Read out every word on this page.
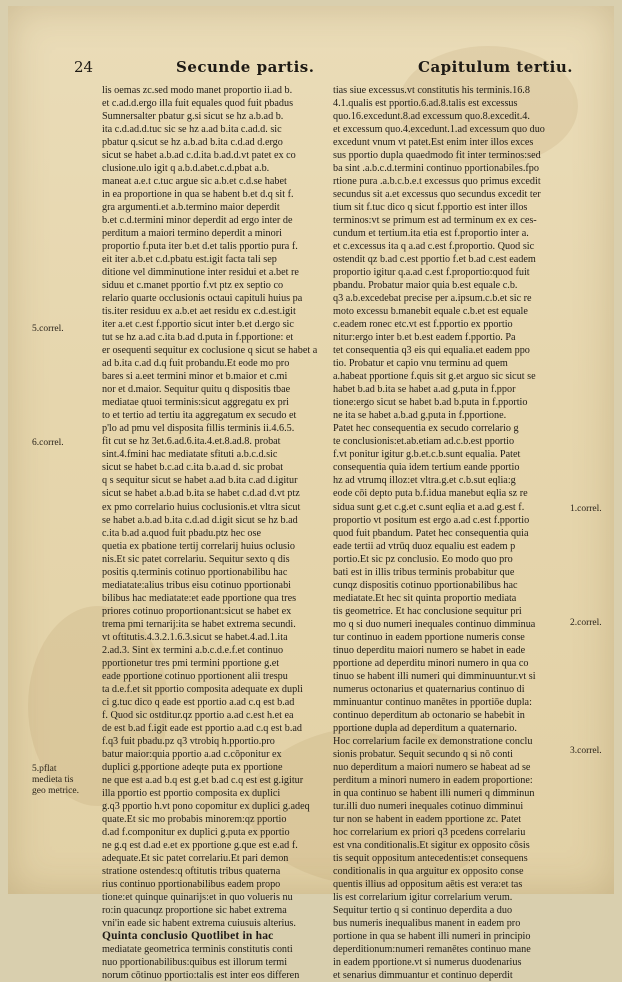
24	Secunde partis.	Capitulum tertiu.
lis oemas zc.sed modo manet proportio ii.ad b.
et c.ad.d.ergo illa fuit equales quod fuit pbadus
Sumnersalter pbatur g.si sicut se hz a.b.ad b.
ita c.d.ad.d.tuc sic se hz a.ad b.ita c.ad.d. sic
pbatur q.sicut se hz a.b.ad b.ita c.d.ad d.ergo
sicut se habet a.b.ad c.d.ita b.ad.d.vt patet ex co
clusione.ulo igit q a.b.d.abet.c.d.pbat a.b.
maneat a.e.t c.tuc argue sic a.b.et c.d.se habet
in ea proportione in qua se habent b.et d.q sit f.
gra argumenti.et a.b.termino maior deperdit
b.et c.d.termini minor deperdit ad ergo inter de
perditum a maiori termino deperdit a minori
proportio f.puta iter b.et d.et talis pportio pura f.
eit iter a.b.et c.d.pbatu est.igit facta tali sep
ditione vel dimminutione inter residui et a.bet re
siduu et c.manet pportio f.vt ptz ex septio co
relario quarte occlusionis octaui capituli huius pa
tis.iter residuu ex a.b.et aet residu ex c.d.est.igit
iter a.et c.est f.pportio sicut inter b.et d.ergo sic
tut se hz a.ad c.ita b.ad d.puta in f.pportione: et
er osequenti sequitur ex coclusione q sicut se habet a
ad b.ita c.ad d.q fuit probandu.Et eode mo pro
bares si a.eet termini minor et b.maior et c.mi
nor et d.maior. Sequitur quitu q dispositis tbae
mediatae qtuoi terminis:sicut aggregatu ex pri
to et tertio ad tertiu ita aggregatum ex secudo et
p'lo ad pmu vel disposita fillis terminis ii.4.6.5.
fit cut se hz 3et.6.ad.6.ita.4.et.8.ad.8. probat
sint.4.fmini hac mediatate sfituti a.b.c.d.sic
sicut se habet b.c.ad c.ita b.a.ad d. sic probat
q s sequitur sicut se habet a.ad b.ita c.ad d.igitur
sicut se habet a.b.ad b.ita se habet c.d.ad d.vt ptz
ex pmo correlario huius coclusionis.et vltra sicut
se habet a.b.ad b.ita c.d.ad d.igit sicut se hz b.ad
c.ita b.ad a.quod fuit pbadu.ptz hec ose
quetia ex pbatione tertij correlarij huius oclusio
nis.Et sic patet correlariu. Sequitur sexto q dis
positis q.terminis cotinuo pportionabilibu hac
mediatate:alius tribus eisu cotinuo pportionabi
bilibus hac mediatate:et eade pportione qua tres
priores cotinuo proportionant:sicut se habet ex
trema pmi ternarij:ita se habet extrema secundi.
vt oftitutis.4.3.2.1.6.3.sicut se habet.4.ad.1.ita
2.ad.3. Sint ex termini a.b.c.d.e.f.et continuo
pportionetur tres pmi termini pportione g.et
eade pportione cotinuo pportionent alii trespu
ta d.e.f.et sit pportio composita adequate ex dupli
ci g.tuc dico q eade est pportio a.ad c.q est b.ad
f. Quod sic ostditur.qz pportio a.ad c.est h.et ea
de est b.ad f.igit eade est pportio a.ad c.q est b.ad
f.q3 fuit pbadu.pz q3 vtrobiq h.pportio.pro
batur maior:quia pportio a.ad c.cōponitur ex
duplici g.pportione adeqte puta ex pportione
ne que est a.ad b.q est g.et b.ad c.q est est g.igitur
illa pportio est pportio composita ex duplici
g.q3 pportio h.vt pono copomitur ex duplici g.adeq
quate.Et sic mo probabis minorem:qz pportio
d.ad f.componitur ex duplici g.puta ex pportio
ne g.q est d.ad e.et ex pportione g.que est e.ad f.
adequate.Et sic patet correlariu.Et pari demon
stratione ostendes:q oftitutis tribus quaterna
rius continuo pportionabilibus eadem propo
tione:et quinque quinarijs:et in quo volueris nu
ro:in quacunqz proportione sic habet extrema
vni'in eade sic habent extrema cuiusuis alterius.
Quinta conclusio Quotlibet in hac
mediatate geometrica terminis constitutis conti
nuo pportionabilibus:quibus est illorum termi
norum cōtinuo pportio:talis est inter eos differen
tias siue excessus.vt constitutis his terminis.16.8
4.1.qualis est pportio.6.ad.8.talis est excessus
quo.16.excedunt.8.ad excessum quo.8.excedit.4.
et excessum quo.4.excedunt.1.ad excessum quo duo
excedunt vnum vt patet.Est enim inter illos exces
sus pportio dupla quaedmodo fit inter terminos:sed
ba sint .a.b.c.d.termini continuo pportionabiles.fpo
rtione pura .a.b.c.b.e.t excessus quo primus excedit
secundus sit a.et excessus quo secundus excedit ter
tium sit f.tuc dico q sicut f.pportio est inter illos
terminos:vt se primum est ad terminum ex ex ces-
cundum et tertium.ita etia est f.proportio inter a.
et c.excessus ita q a.ad c.est f.proportio. Quod sic
ostendit qz b.ad c.est pportio f.et b.ad c.est eadem
proportio igitur q.a.ad c.est f.proportio:quod fuit
pbandu. Probatur maior quia b.est equale c.b.
q3 a.b.excedebat precise per a.ipsum.c.b.et sic re
moto excessu b.manebit equale c.b.et est equale
c.eadem ronec etc.vt est f.pportio ex pportio
nitur:ergo inter b.et b.est eadem f.pportio. Pa
tet consequentia q3 eis qui equalia.et eadem ppo
tio. Probatur et capio vnu terminu ad quem
a.habeat pportione f.quis sit g.et arguo sic sicut se
habet b.ad b.ita se habet a.ad g.puta in f.ppor
tione:ergo sicut se habet b.ad b.puta in f.pportio
ne ita se habet a.b.ad g.puta in f.pportione.
Patet hec consequentia ex secudo correlario g
te conclusionis:et.ab.etiam ad.c.b.est pportio
f.vt ponitur igitur g.b.et.c.b.sunt equalia. Patet
consequentia quia idem tertium eande pportio
hz ad vtrumq illoz:et vltra.g.et c.b.sut eqlia:g
eode cōi depto puta b.f.idua manebut eqlia sz re
sidua sunt g.et c.g.et c.sunt eqlia et a.ad g.est f.
proportio vt positum est ergo a.ad c.est f.pportio
quod fuit pbandum. Patet hec consequentia quia
eade tertii ad vtrūq duoz equaliu est eadem p
portio.Et sic pz conclusio. Eo modo quo pro
bati est in illis tribus terminis probabitur que
cunqz dispositis cotinuo pportionabilibus hac
mediatate.Et hec sit quinta proportio mediata
tis geometrice. Et hac conclusione sequitur pri
mo q si duo numeri inequales continuo dimminua
tur continuo in eadem pportione numeris conse
tinuo deperditu maiori numero se habet in eade
pportione ad deperditu minori numero in qua co
tinuo se habent illi numeri qui dimminuuntur.vt si
numerus octonarius et quaternarius continuo di
mminuantur continuo manētes in pportiōe dupla:
continuo deperditum ab octonario se habebit in
pportione dupla ad deperditum a quaternario.
Hoc correlarium facile ex demonstratione conclu
sionis probatur. Sequit secundo q si nō conti
nuo deperditum a maiori numero se habeat ad se
perditum a minori numero in eadem proportione:
in qua continuo se habent illi numeri q dimminun
tur.illi duo numeri inequales cotinuo dimminui
tur non se habent in eadem pportione zc. Patet
hoc correlarium ex priori q3 pcedens correlariu
est vna conditionalis.Et sigitur ex opposito cōsis
tis sequit oppositum antecedentis:et consequens
conditionalis in qua arguitur ex opposito conse
quentis illius ad oppositum aētis est vera:et tas
lis est correlarium igitur correlarium verum.
Sequitur tertio q si continuo deperdita a duo
bus numeris inequalibus manent in eadem pro
portione in qua se habent illi numeri in principio
deperditionum:numeri remanētes continuo mane
in eadem pportione.vt si numerus duodenarius
et senarius dimmuantur et continuo deperdit
5.correl.
6.correl.
5.pflat medieta tis geo metrice.
1.correl.
2.correl.
3.correl.
